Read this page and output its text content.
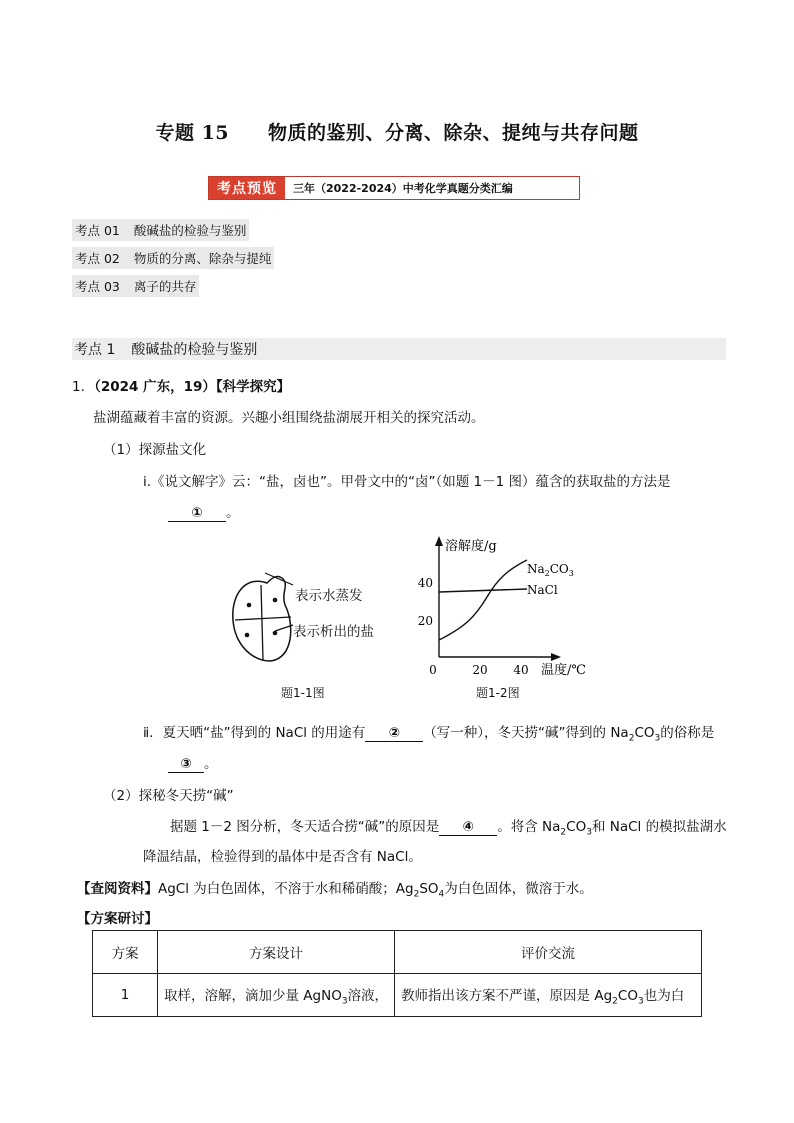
专题 15　　物质的鉴别、分离、除杂、提纯与共存问题
考点预览	三年（2022-2024）中考化学真题分类汇编
考点 01 酸碱盐的检验与鉴别
考点 02 物质的分离、除杂与提纯
考点 03 离子的共存
考点 1 酸碱盐的检验与鉴别
1．（2024 广东，19）【科学探究】
盐湖蕴藏着丰富的资源。兴趣小组围绕盐湖展开相关的探究活动。
（1）探源盐文化
ⅰ.《说文解字》云：“盐，卤也”。甲骨文中的“卤”（如题 1－1 图）蕴含的获取盐的方法是
① 。
表示水蒸发
表示析出的盐
题1-1图
溶解度/g
温度/℃
0	20 40
20
40
$Na_2CO_3$
NaCl
题1-2图
ⅱ．夏天晒“盐”得到的 NaCl 的用途有 ② （写一种），冬天捞“碱”得到的 $Na_2CO_3$的俗称是
③ 。
（2）探秘冬天捞“碱”
据题 1－2 图分析，冬天适合捞“碱”的原因是 ④ 。将含 $Na_2CO_3$和 NaCl 的模拟盐湖水
降温结晶，检验得到的晶体中是否含有 NaCl。
【查阅资料】AgCl 为白色固体，不溶于水和稀硝酸；$Ag_2SO_4$为白色固体，微溶于水。
【方案研讨】
方案	方案设计	评价交流
1	取样，溶解，滴加少量 AgNO$_3$溶液，	教师指出该方案不严谨，原因是 $Ag_2CO_3$也为白
